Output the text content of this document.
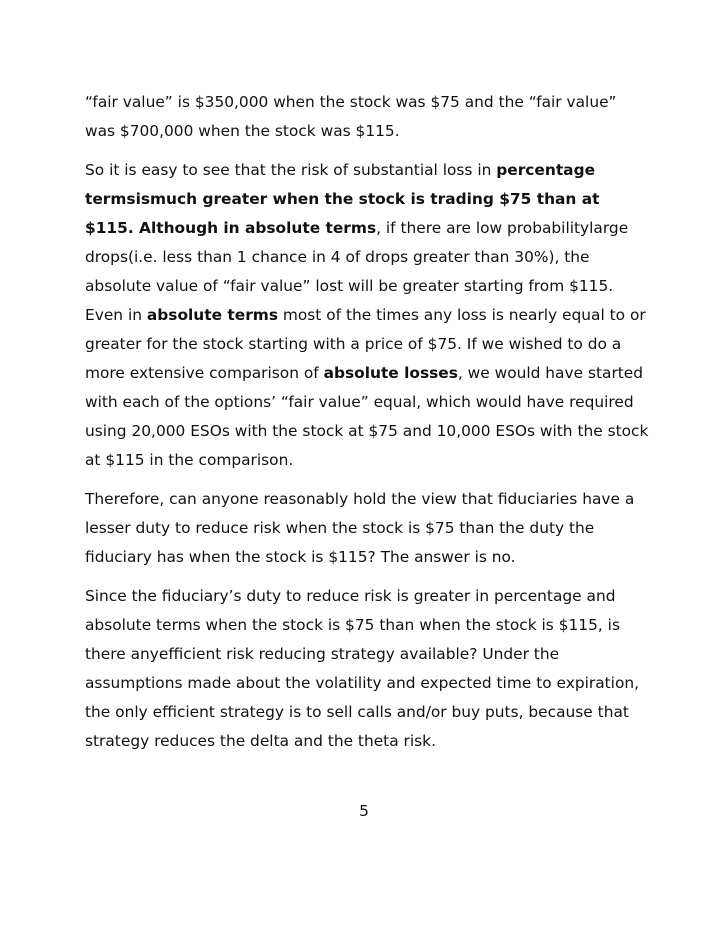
“fair value” is $350,000 when the stock was $75 and the “fair value” was $700,000 when the stock was $115.

So it is easy to see that the risk of substantial loss in percentage termsismuch greater when the stock is trading $75 than at $115. Although in absolute terms, if there are low probabilitylarge drops(i.e. less than 1 chance in 4 of drops greater than 30%), the absolute value of “fair value” lost will be greater starting from $115. Even in absolute terms most of the times any loss is nearly equal to or greater for the stock starting with a price of $75. If we wished to do a more extensive comparison of absolute losses, we would have started with each of the options’ “fair value” equal, which would have required using 20,000 ESOs with the stock at $75 and 10,000 ESOs with the stock at $115 in the comparison.

Therefore, can anyone reasonably hold the view that fiduciaries have a lesser duty to reduce risk when the stock is $75 than the duty the fiduciary has when the stock is $115? The answer is no.

Since the fiduciary’s duty to reduce risk is greater in percentage and absolute terms when the stock is $75 than when the stock is $115, is there anyefficient risk reducing strategy available? Under the assumptions made about the volatility and expected time to expiration, the only efficient strategy is to sell calls and/or buy puts, because that strategy reduces the delta and the theta risk.

5
